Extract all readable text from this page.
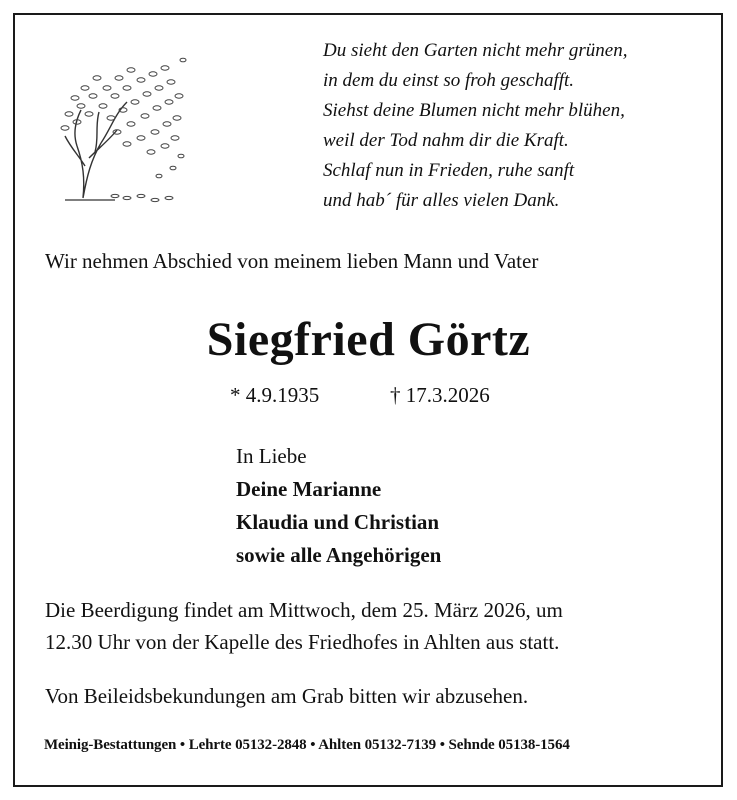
Du sieht den Garten nicht mehr grünen,
in dem du einst so froh geschafft.
Siehst deine Blumen nicht mehr blühen,
weil der Tod nahm dir die Kraft.
Schlaf nun in Frieden, ruhe sanft
und hab´ für alles vielen Dank.
Wir nehmen Abschied von meinem lieben Mann und Vater
Siegfried Görtz
* 4.9.1935	† 17.3.2026
In Liebe
Deine Marianne
Klaudia und Christian
sowie alle Angehörigen
Die Beerdigung findet am Mittwoch, dem 25. März 2026, um
12.30 Uhr von der Kapelle des Friedhofes in Ahlten aus statt.
Von Beileidsbekundungen am Grab bitten wir abzusehen.
Meinig-Bestattungen • Lehrte 05132-2848 • Ahlten 05132-7139 • Sehnde 05138-1564
